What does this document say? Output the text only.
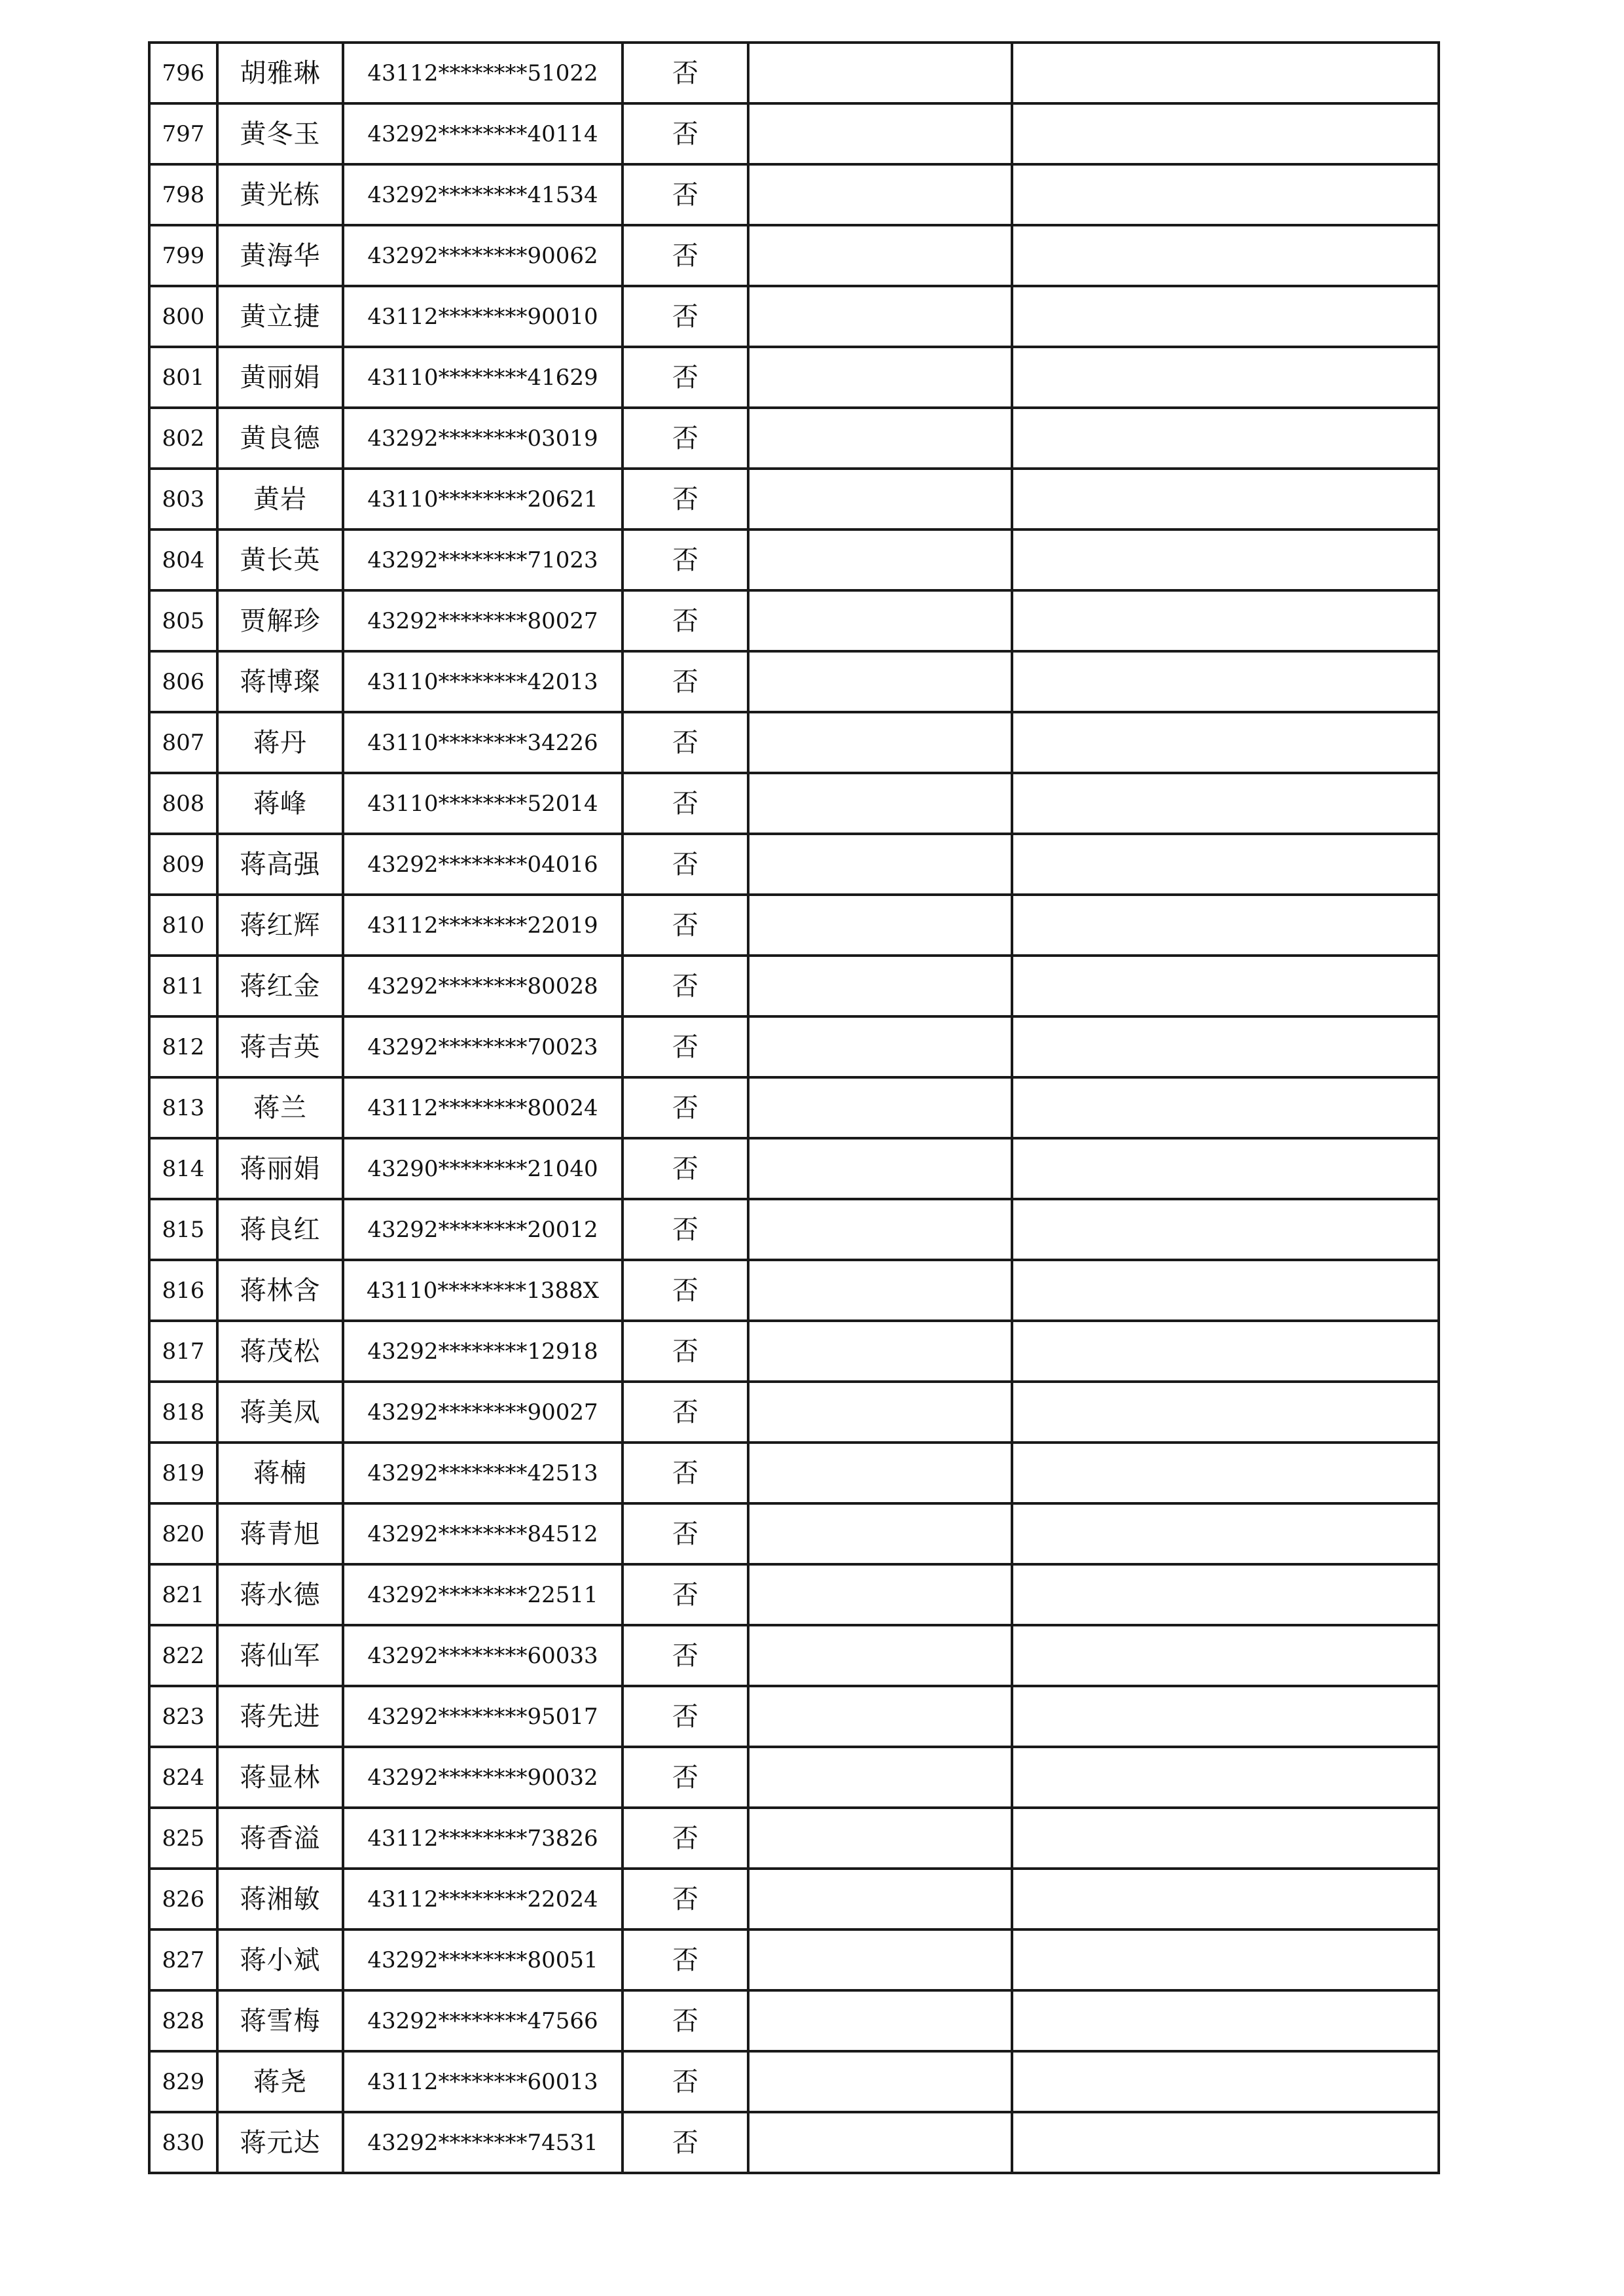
796	胡雅琳	43112********51022	否		
797	黄冬玉	43292********40114	否		
798	黄光栋	43292********41534	否		
799	黄海华	43292********90062	否		
800	黄立捷	43112********90010	否		
801	黄丽娟	43110********41629	否		
802	黄良德	43292********03019	否		
803	黄岩	43110********20621	否		
804	黄长英	43292********71023	否		
805	贾解珍	43292********80027	否		
806	蒋博璨	43110********42013	否		
807	蒋丹	43110********34226	否		
808	蒋峰	43110********52014	否		
809	蒋高强	43292********04016	否		
810	蒋红辉	43112********22019	否		
811	蒋红金	43292********80028	否		
812	蒋吉英	43292********70023	否		
813	蒋兰	43112********80024	否		
814	蒋丽娟	43290********21040	否		
815	蒋良红	43292********20012	否		
816	蒋林含	43110********1388X	否		
817	蒋茂松	43292********12918	否		
818	蒋美凤	43292********90027	否		
819	蒋楠	43292********42513	否		
820	蒋青旭	43292********84512	否		
821	蒋水德	43292********22511	否		
822	蒋仙军	43292********60033	否		
823	蒋先进	43292********95017	否		
824	蒋显林	43292********90032	否		
825	蒋香溢	43112********73826	否		
826	蒋湘敏	43112********22024	否		
827	蒋小斌	43292********80051	否		
828	蒋雪梅	43292********47566	否		
829	蒋尧	43112********60013	否		
830	蒋元达	43292********74531	否		
